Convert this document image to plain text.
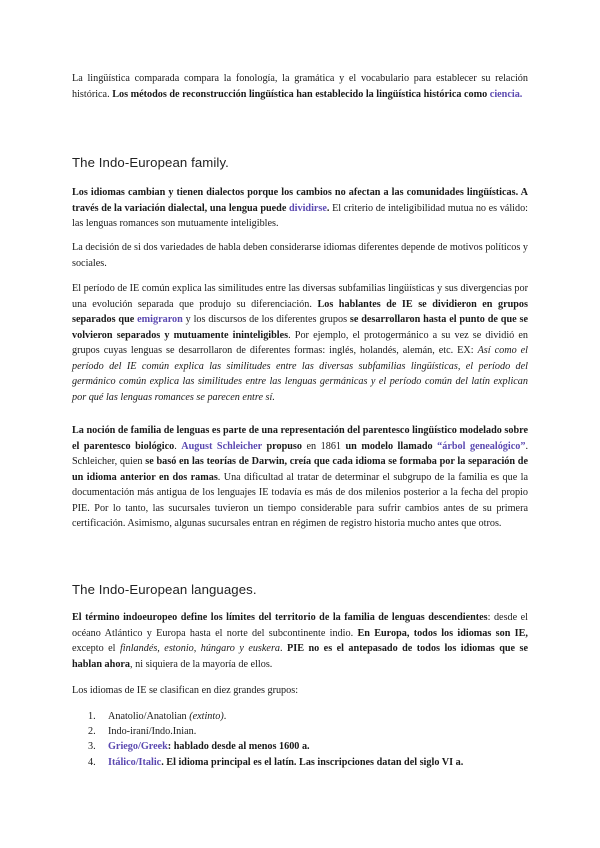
La lingüística comparada compara la fonología, la gramática y el vocabulario para establecer su relación histórica. Los métodos de reconstrucción lingüística han establecido la lingüística histórica como ciencia.

The Indo-European family.

Los idiomas cambian y tienen dialectos porque los cambios no afectan a las comunidades lingüísticas. A través de la variación dialectal, una lengua puede dividirse. El criterio de inteligibilidad mutua no es válido: las lenguas romances son mutuamente inteligibles.

La decisión de si dos variedades de habla deben considerarse idiomas diferentes depende de motivos políticos y sociales.

El período de IE común explica las similitudes entre las diversas subfamilias lingüísticas y sus divergencias por una evolución separada que produjo su diferenciación. Los hablantes de IE se dividieron en grupos separados que emigraron y los discursos de los diferentes grupos se desarrollaron hasta el punto de que se volvieron separados y mutuamente ininteligibles. Por ejemplo, el protogermánico a su vez se dividió en grupos cuyas lenguas se desarrollaron de diferentes formas: inglés, holandés, alemán, etc. EX: Así como el período del IE común explica las similitudes entre las diversas subfamilias lingüísticas, el período del germánico común explica las similitudes entre las lenguas germánicas y el período común del latín explican por qué las lenguas romances se parecen entre sí.

La noción de familia de lenguas es parte de una representación del parentesco lingüístico modelado sobre el parentesco biológico. August Schleicher propuso en 1861 un modelo llamado “árbol genealógico”. Schleicher, quien se basó en las teorías de Darwin, creía que cada idioma se formaba por la separación de un idioma anterior en dos ramas. Una dificultad al tratar de determinar el subgrupo de la familia es que la documentación más antigua de los lenguajes IE todavía es más de dos milenios posterior a la fecha del propio PIE. Por lo tanto, las sucursales tuvieron un tiempo considerable para sufrir cambios antes de su primera certificación. Asimismo, algunas sucursales entran en régimen de registro historia mucho antes que otros.

The Indo-European languages.

El término indoeuropeo define los límites del territorio de la familia de lenguas descendientes: desde el océano Atlántico y Europa hasta el norte del subcontinente indio. En Europa, todos los idiomas son IE, excepto el finlandés, estonio, húngaro y euskera. PIE no es el antepasado de todos los idiomas que se hablan ahora, ni siquiera de la mayoría de ellos.

Los idiomas de IE se clasifican en diez grandes grupos:

1. Anatolio/Anatolian (extinto).
2. Indo-iraní/Indo.Inian.
3. Griego/Greek: hablado desde al menos 1600 a.
4. Itálico/Italic. El idioma principal es el latín. Las inscripciones datan del siglo VI a.
